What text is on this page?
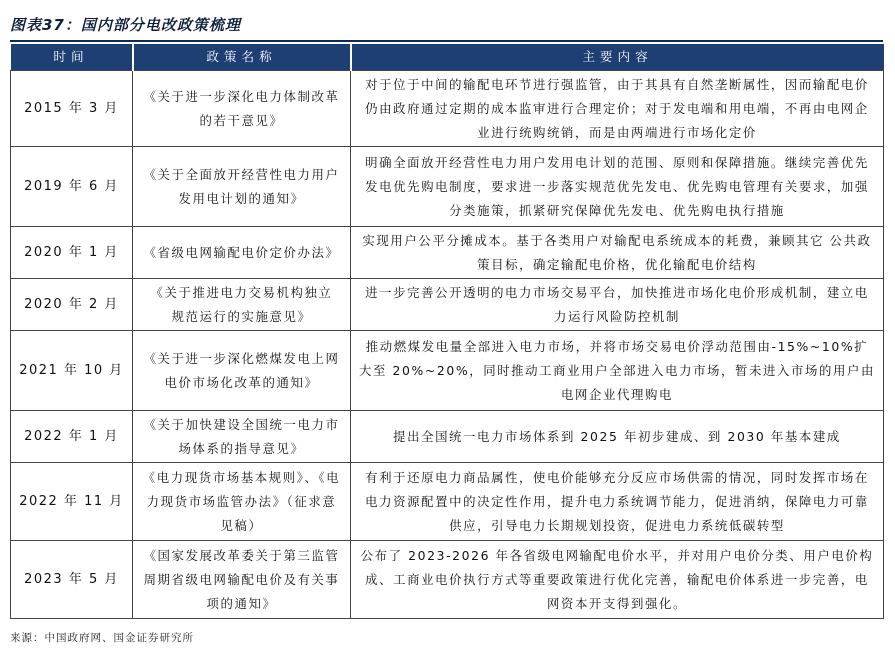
图表37：国内部分电改政策梳理
时间	政策名称	主要内容
2015 年 3 月	《关于进一步深化电力体制改革的若干意见》	对于位于中间的输配电环节进行强监管，由于其具有自然垄断属性，因而输配电价仍由政府通过定期的成本监审进行合理定价；对于发电端和用电端，不再由电网企业进行统购统销，而是由两端进行市场化定价
2019 年 6 月	《关于全面放开经营性电力用户发用电计划的通知》	明确全面放开经营性电力用户发用电计划的范围、原则和保障措施。继续完善优先发电优先购电制度，要求进一步落实规范优先发电、优先购电管理有关要求，加强分类施策，抓紧研究保障优先发电、优先购电执行措施
2020 年 1 月	《省级电网输配电价定价办法》	实现用户公平分摊成本。基于各类用户对输配电系统成本的耗费，兼顾其它 公共政策目标，确定输配电价格，优化输配电价结构
2020 年 2 月	《关于推进电力交易机构独立 规范运行的实施意见》	进一步完善公开透明的电力市场交易平台，加快推进市场化电价形成机制，建立电力运行风险防控机制
2021 年 10 月	《关于进一步深化燃煤发电上网电价市场化改革的通知》	推动燃煤发电量全部进入电力市场，并将市场交易电价浮动范围由-15%~10%扩大至 20%~20%，同时推动工商业用户全部进入电力市场，暂未进入市场的用户由电网企业代理购电
2022 年 1 月	《关于加快建设全国统一电力市场体系的指导意见》	提出全国统一电力市场体系到 2025 年初步建成、到 2030 年基本建成
2022 年 11 月	《电力现货市场基本规则》、《电力现货市场监管办法》（征求意见稿）	有利于还原电力商品属性，使电价能够充分反应市场供需的情况，同时发挥市场在电力资源配置中的决定性作用，提升电力系统调节能力，促进消纳，保障电力可靠供应，引导电力长期规划投资，促进电力系统低碳转型
2023 年 5 月	《国家发展改革委关于第三监管周期省级电网输配电价及有关事项的通知》	公布了 2023-2026 年各省级电网输配电价水平，并对用户电价分类、用户电价构成、工商业电价执行方式等重要政策进行优化完善，输配电价体系进一步完善，电网资本开支得到强化。
来源：中国政府网、国金证券研究所
